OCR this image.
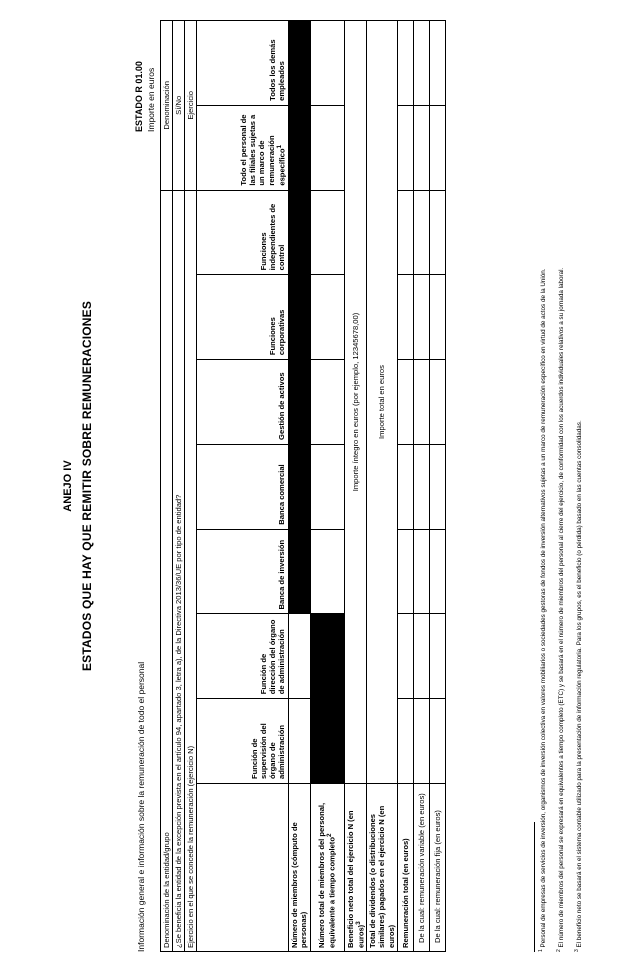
ANEJO IV ESTADOS QUE HAY QUE REMITIR SOBRE REMUNERACIONES
Información general e información sobre la remuneración de todo el personal
ESTADO R 01.00 Importe en euros
Denominación de la entidad/grupo								Denominación	
¿Se beneficia la entidad de la excepción prevista en el artículo 94, apartado 3, letra a), de la Directiva 2013/36/UE por tipo de entidad?								Sí/No	
Ejercicio en el que se concede la remuneración (ejercicio N)								Ejercicio	
	Función de supervisión del órgano de administración	Función de dirección del órgano de administración	Banca de inversión	Banca comercial	Gestión de activos	Funciones corporativas	Funciones independientes de control	Todo el personal de las filiales sujetas a un marco de remuneración específico$^1$	Todos los demás empleados
Número de miembros (cómputo de personas)									
Número total de miembros del personal, equivalente a tiempo completo$^2$								
Beneficio neto total del ejercicio N (en euros)$^3$	Importe íntegro en euros (por ejemplo, 12345678,00)								
Total de dividendos (o distribuciones similares) pagados en el ejercicio N (en euros)	Importe total en euros								
Remuneración total (en euros)									
De la cual: remuneración variable (en euros)									
De la cual: remuneración fija (en euros)									
$^1$ Personal de empresas de servicios de inversión, organismos de inversión colectiva en valores mobiliarios o sociedades gestoras de fondos de inversión alternativos sujetas a un marco de remuneración específico en virtud de actos de la Unión.
$^2$ El número de miembros del personal se expresará en equivalentes a tiempo completo (ETC) y se basará en el número de miembros del personal al cierre del ejercicio, de conformidad con los acuerdos individuales relativos a su jornada laboral.
$^3$ El beneficio neto se basará en el sistema contable utilizado para la presentación de información regulatoria. Para los grupos, es el beneficio (o pérdida) basado en las cuentas consolidadas.
